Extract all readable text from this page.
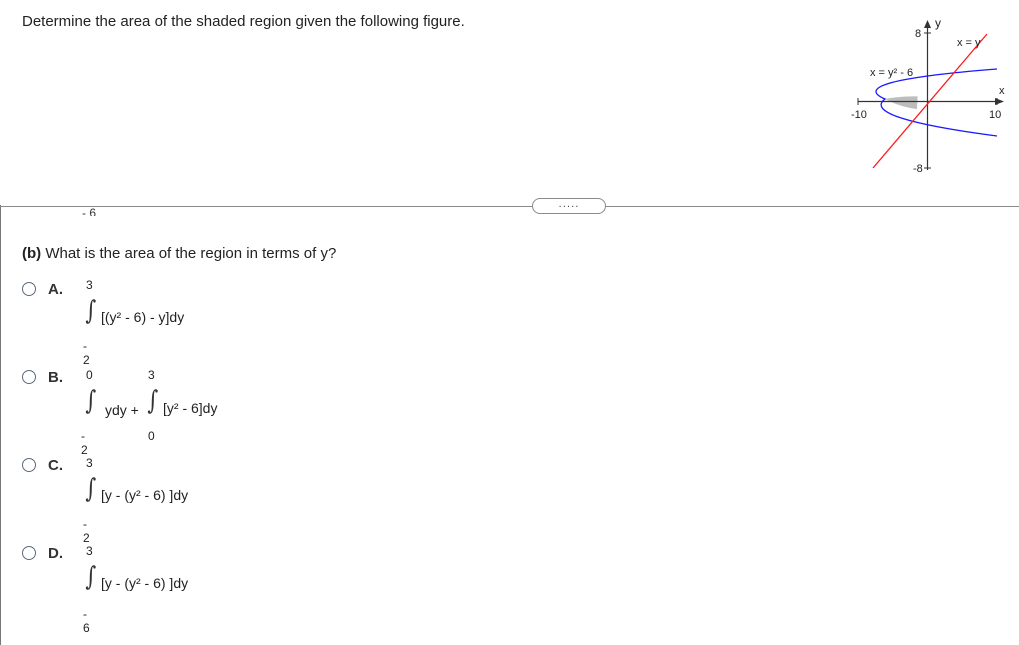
Determine the area of the shaded region given the following figure.	y
x
x = y
x = y² - 6
8
-8
-10	10
.....
- 6
(b) What is the area of the region in terms of y?
A. 3
∫ [(y² - 6) - y]dy
- 2
B. 0
∫ ydy +
- 2
3
∫ [y² - 6]dy
0
C. 3
∫ [y - (y² - 6) ]dy
- 2
D. 3
∫ [y - (y² - 6) ]dy
- 6
